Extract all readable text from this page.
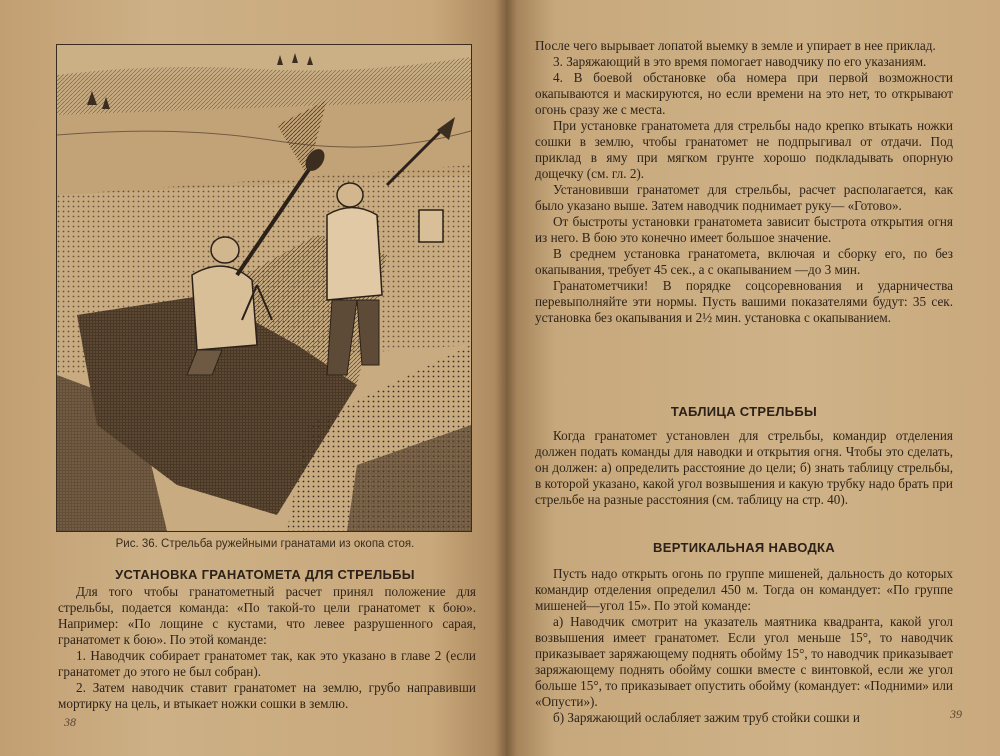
Рис. 36. Стрельба ружейными гранатами из окопа стоя.
УСТАНОВКА ГРАНАТОМЕТА ДЛЯ СТРЕЛЬБЫ

Для того чтобы гранатометный расчет принял положение для стрельбы, подается команда: «По такой-то цели гранатомет к бою». Например: «По лощине с кустами, что левее разрушенного сарая, гранатомет к бою». По этой команде:

1. Наводчик собирает гранатомет так, как это указано в главе 2 (если гранатомет до этого не был собран).

2. Затем наводчик ставит гранатомет на землю, грубо направивши мортирку на цель, и втыкает ножки сошки в землю.

38

После чего вырывает лопатой выемку в земле и упирает в нее приклад.

3. Заряжающий в это время помогает наводчику по его указаниям.

4. В боевой обстановке оба номера при первой возможности окапываются и маскируются, но если времени на это нет, то открывают огонь сразу же с места.

При установке гранатомета для стрельбы надо крепко втыкать ножки сошки в землю, чтобы гранатомет не подпрыгивал от отдачи. Под приклад в яму при мягком грунте хорошо подкладывать опорную дощечку (см. гл. 2).

Установивши гранатомет для стрельбы, расчет располагается, как было указано выше. Затем наводчик поднимает руку— «Готово».

От быстроты установки гранатомета зависит быстрота открытия огня из него. В бою это конечно имеет большое значение.

В среднем установка гранатомета, включая и сборку его, по без окапывания, требует 45 сек., а с окапыванием —до 3 мин.

Гранатометчики! В порядке соцсоревнования и ударничества перевыполняйте эти нормы. Пусть вашими показателями будут: 35 сек. установка без окапывания и 2½ мин. установка с окапыванием.

ТАБЛИЦА СТРЕЛЬБЫ

Когда гранатомет установлен для стрельбы, командир отделения должен подать команды для наводки и открытия огня. Чтобы это сделать, он должен: а) определить расстояние до цели; б) знать таблицу стрельбы, в которой указано, какой угол возвышения и какую трубку надо брать при стрельбе на разные расстояния (см. таблицу на стр. 40).

ВЕРТИКАЛЬНАЯ НАВОДКА

Пусть надо открыть огонь по группе мишеней, дальность до которых командир отделения определил 450 м. Тогда он командует: «По группе мишеней—угол 15». По этой команде:

а) Наводчик смотрит на указатель маятника квадранта, какой угол возвышения имеет гранатомет. Если угол меньше 15°, то наводчик приказывает заряжающему поднять обойму 15°, то наводчик приказывает заряжающему поднять обойму сошки вместе с винтовкой, если же угол больше 15°, то приказывает опустить обойму (командует: «Подними» или «Опусти»).

б) Заряжающий ослабляет зажим труб стойки сошки и	39
